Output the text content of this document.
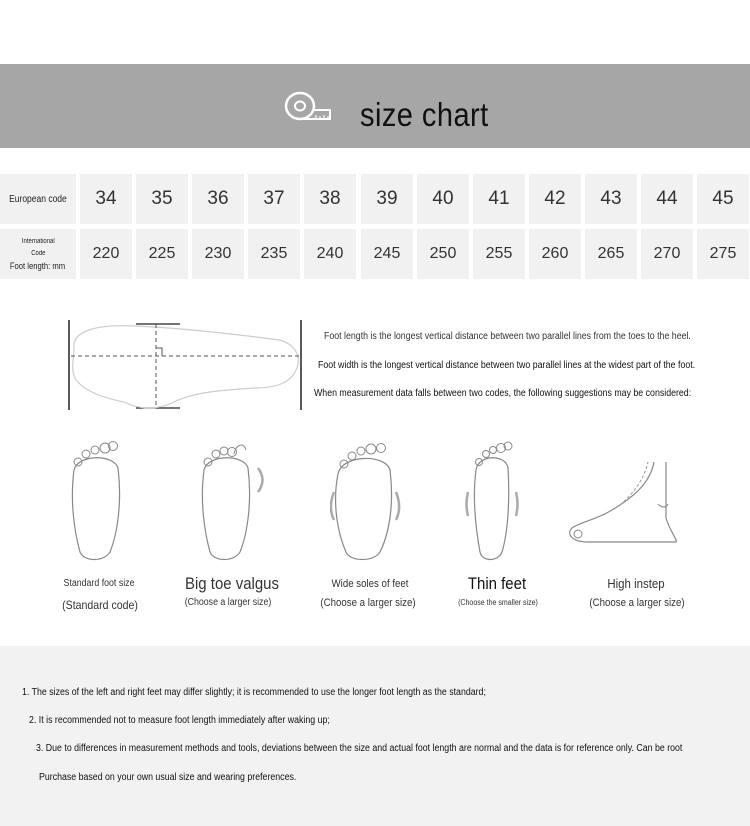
size chart
European code	34	35	36	37	38	39	40	41	42	43	44	45
International
Code
Foot length: mm
220	225	230	235	240	245	250	255	260	265	270	275
Foot length is the longest vertical distance between two parallel lines from the toes to the heel.
Foot width is the longest vertical distance between two parallel lines at the widest part of the foot.
When measurement data falls between two codes, the following suggestions may be considered:
Standard foot size
(Standard code)
Big toe valgus
(Choose a larger size)
Wide soles of feet
(Choose a larger size)
Thin feet
(Choose the smaller size)
High instep
(Choose a larger size)
1. The sizes of the left and right feet may differ slightly; it is recommended to use the longer foot length as the standard;
2. It is recommended not to measure foot length immediately after waking up;
3. Due to differences in measurement methods and tools, deviations between the size and actual foot length are normal and the data is for reference only. Can be root
Purchase based on your own usual size and wearing preferences.
